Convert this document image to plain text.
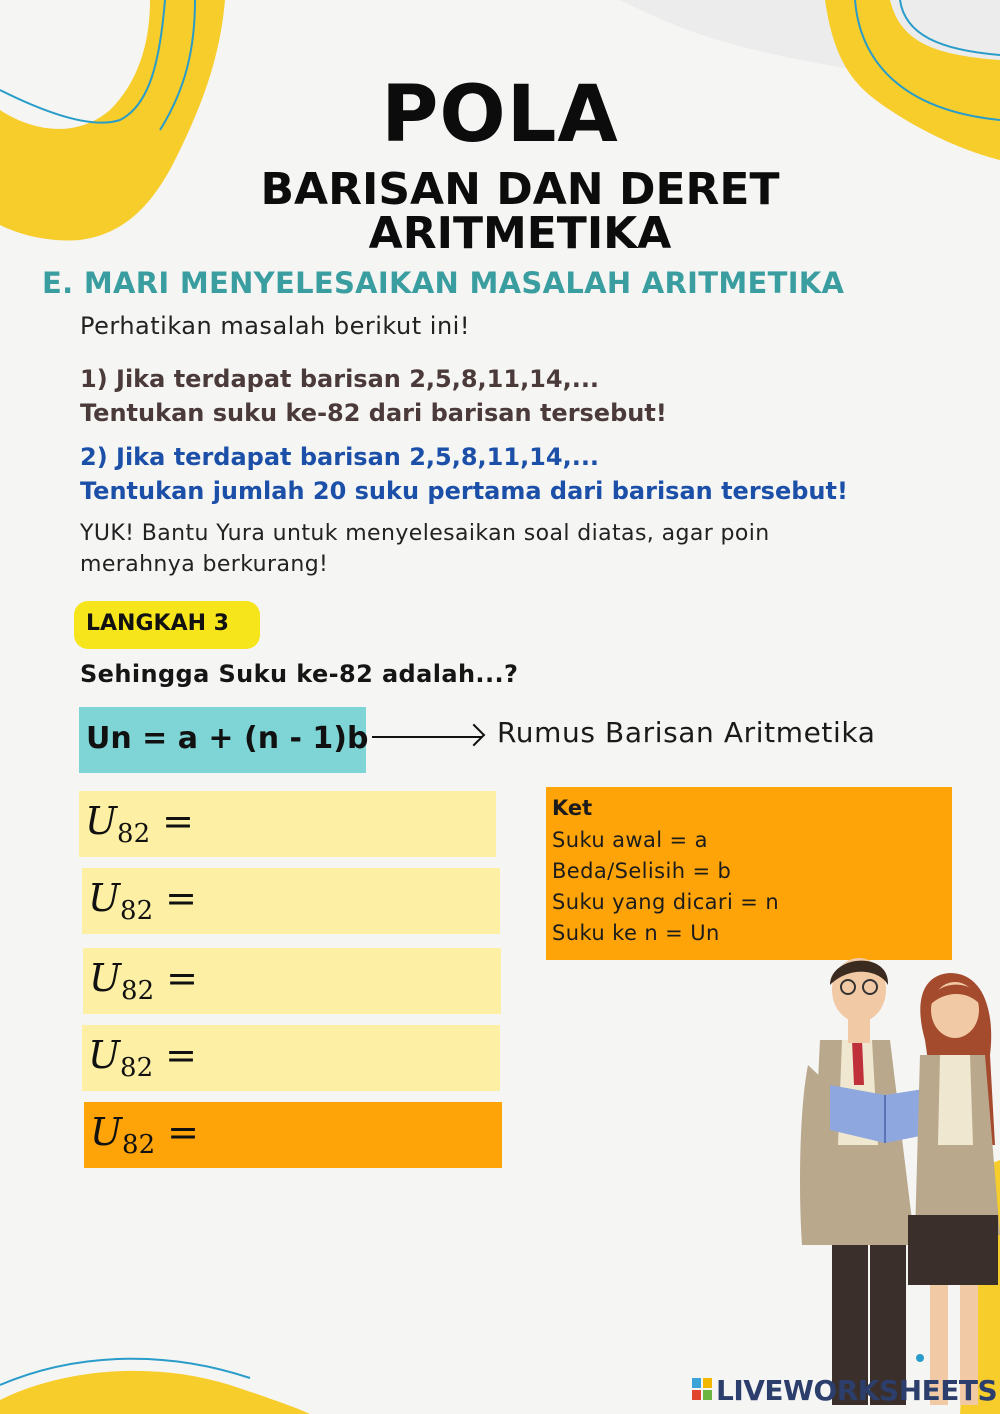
POLA
BARISAN DAN DERET
ARITMETIKA
E. MARI MENYELESAIKAN MASALAH ARITMETIKA
Perhatikan masalah berikut ini!
1) Jika terdapat barisan 2,5,8,11,14,...
Tentukan suku ke-82 dari barisan tersebut!
2) Jika terdapat barisan 2,5,8,11,14,...
Tentukan jumlah 20 suku pertama dari barisan tersebut!
YUK! Bantu Yura untuk menyelesaikan soal diatas, agar poin
merahnya berkurang!
LANGKAH 3
Sehingga Suku ke-82 adalah...?
Un = a + (n - 1)b	Rumus Barisan Aritmetika
$U_{82}$ =
$U_{82}$ =
$U_{82}$ =
$U_{82}$ =
$U_{82}$ =
Ket
Suku awal = a
Beda/Selisih = b
Suku yang dicari = n
Suku ke n = Un
LIVEWORKSHEETS
